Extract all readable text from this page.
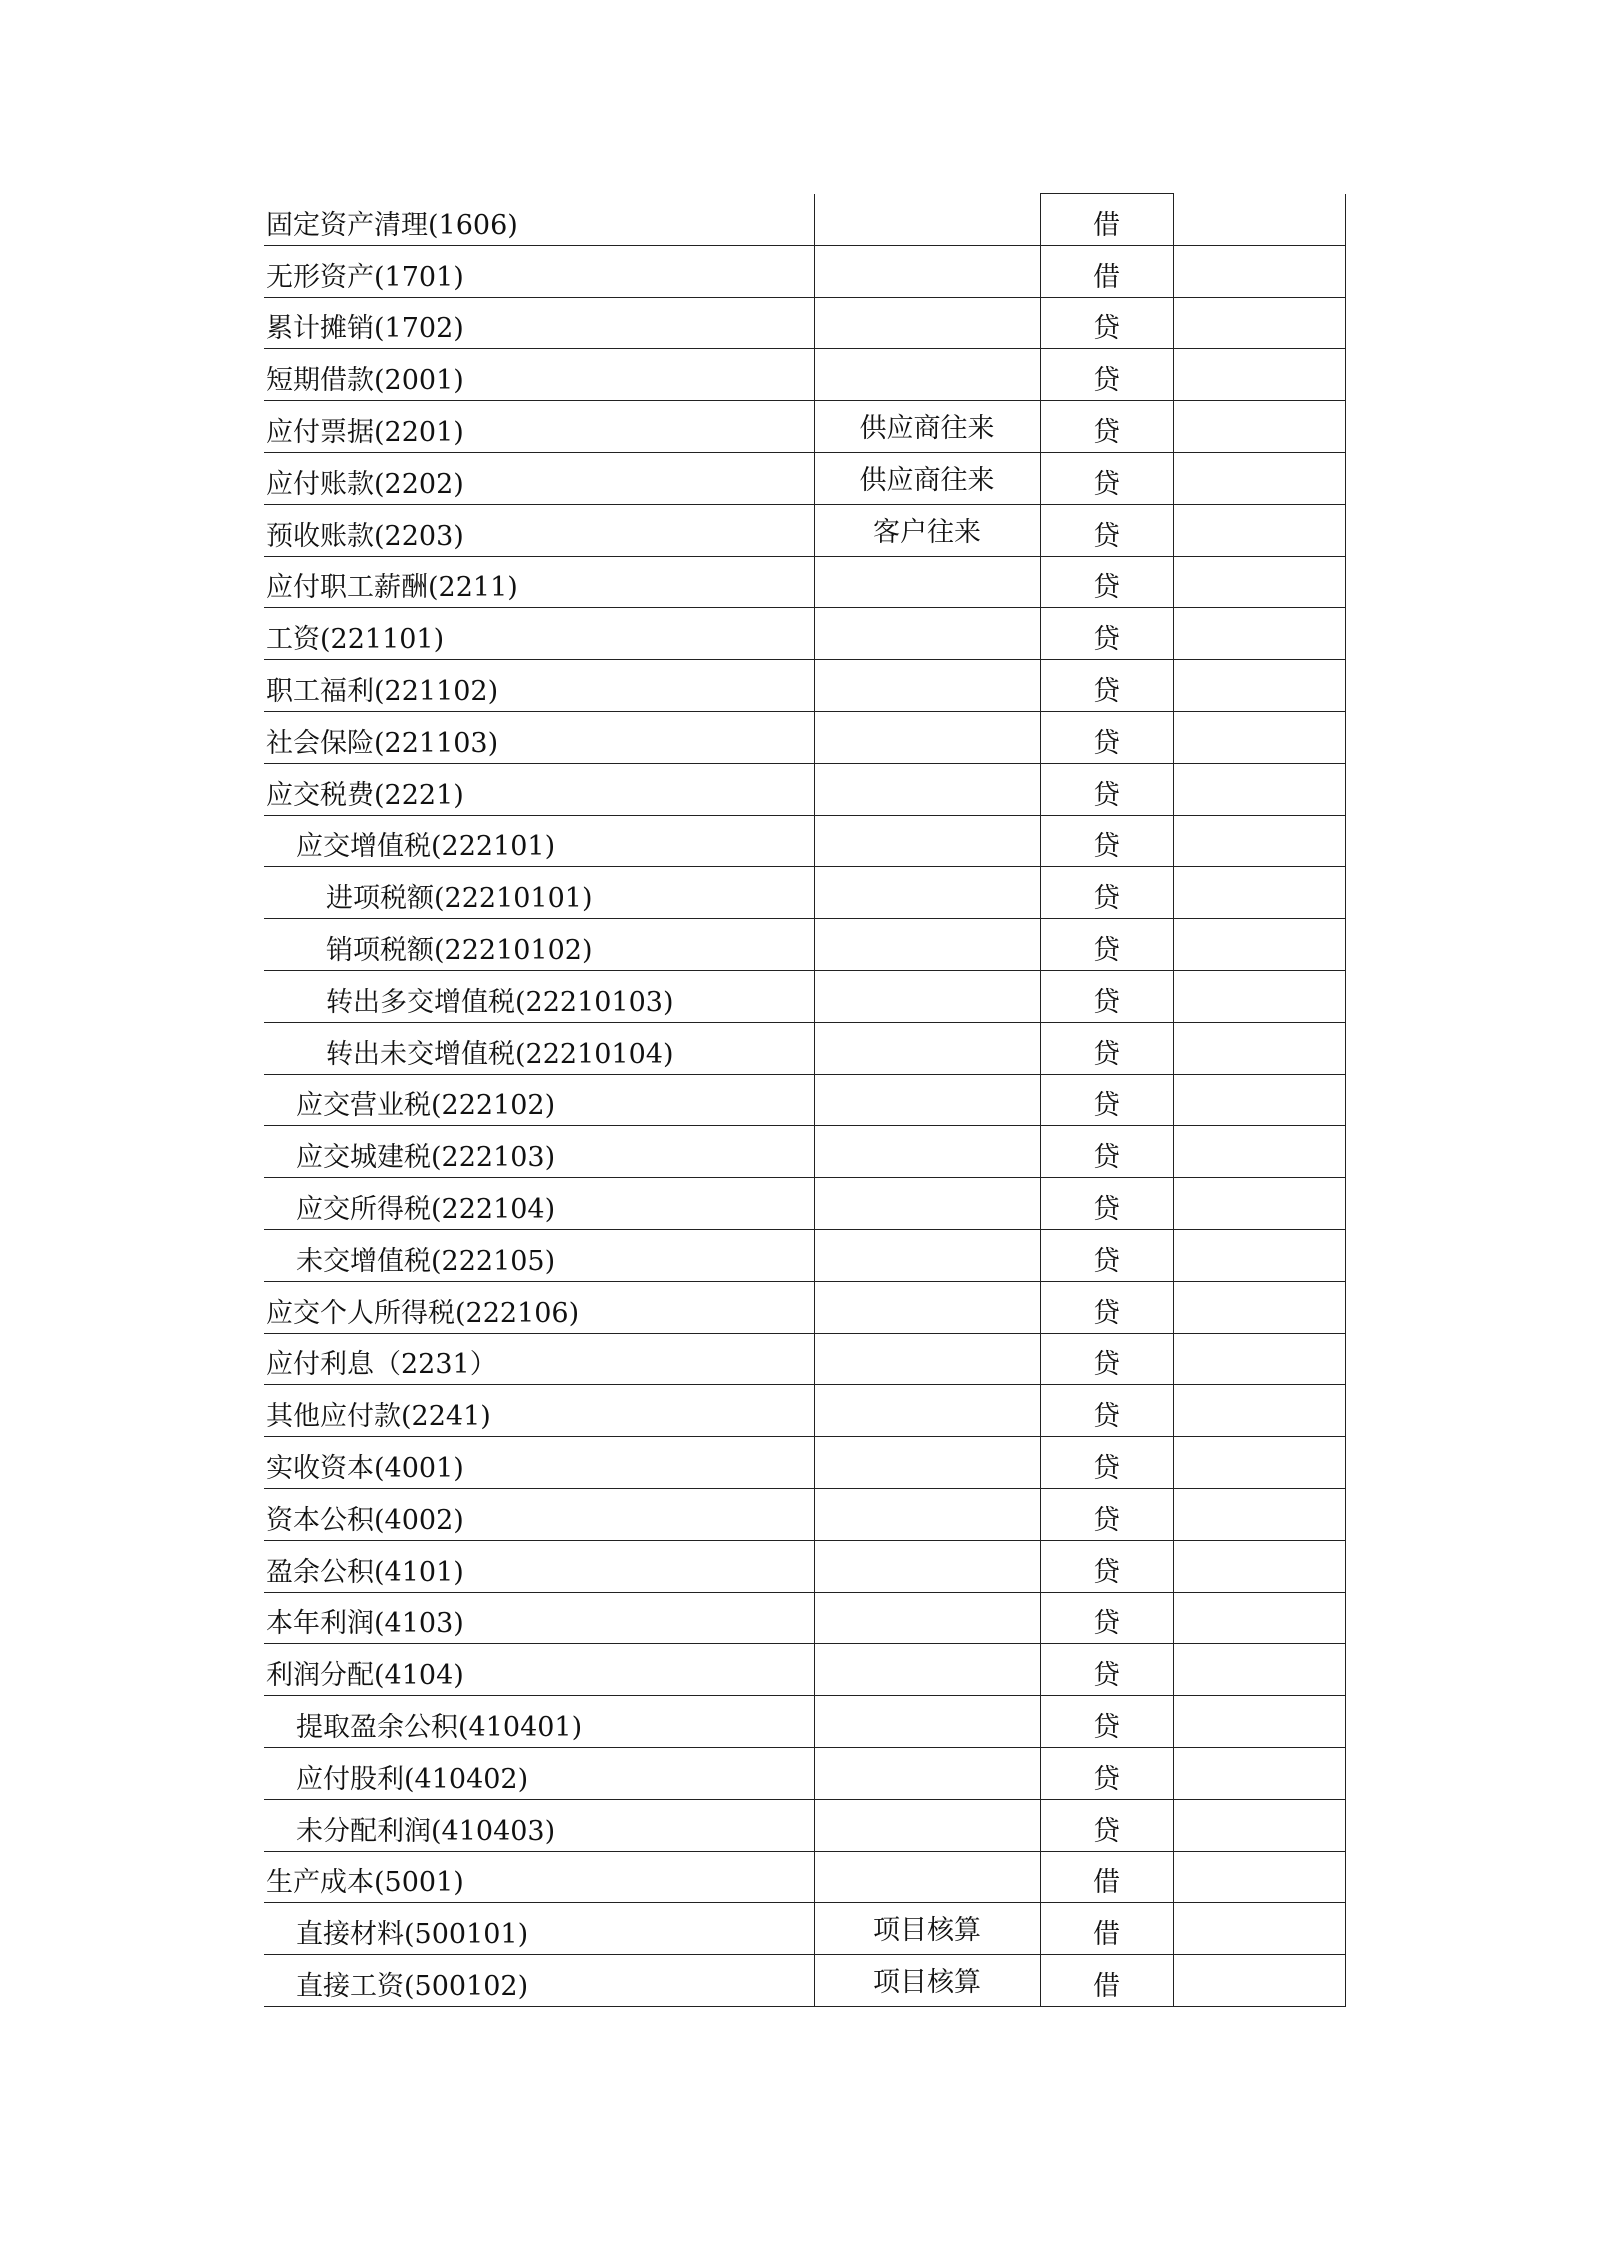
固定资产清理(1606)		借	
无形资产(1701)		借	
累计摊销(1702)		贷	
短期借款(2001)		贷	
应付票据(2201)	供应商往来	贷	
应付账款(2202)	供应商往来	贷	
预收账款(2203)	客户往来	贷	
应付职工薪酬(2211)		贷	
工资(221101)		贷	
职工福利(221102)		贷	
社会保险(221103)		贷	
应交税费(2221)		贷	
应交增值税(222101)		贷	
进项税额(22210101)		贷	
销项税额(22210102)		贷	
转出多交增值税(22210103)		贷	
转出未交增值税(22210104)		贷	
应交营业税(222102)		贷	
应交城建税(222103)		贷	
应交所得税(222104)		贷	
未交增值税(222105)		贷	
应交个人所得税(222106)		贷	
应付利息（2231）		贷	
其他应付款(2241)		贷	
实收资本(4001)		贷	
资本公积(4002)		贷	
盈余公积(4101)		贷	
本年利润(4103)		贷	
利润分配(4104)		贷	
提取盈余公积(410401)		贷	
应付股利(410402)		贷	
未分配利润(410403)		贷	
生产成本(5001)		借	
直接材料(500101)	项目核算	借	
直接工资(500102)	项目核算	借	
